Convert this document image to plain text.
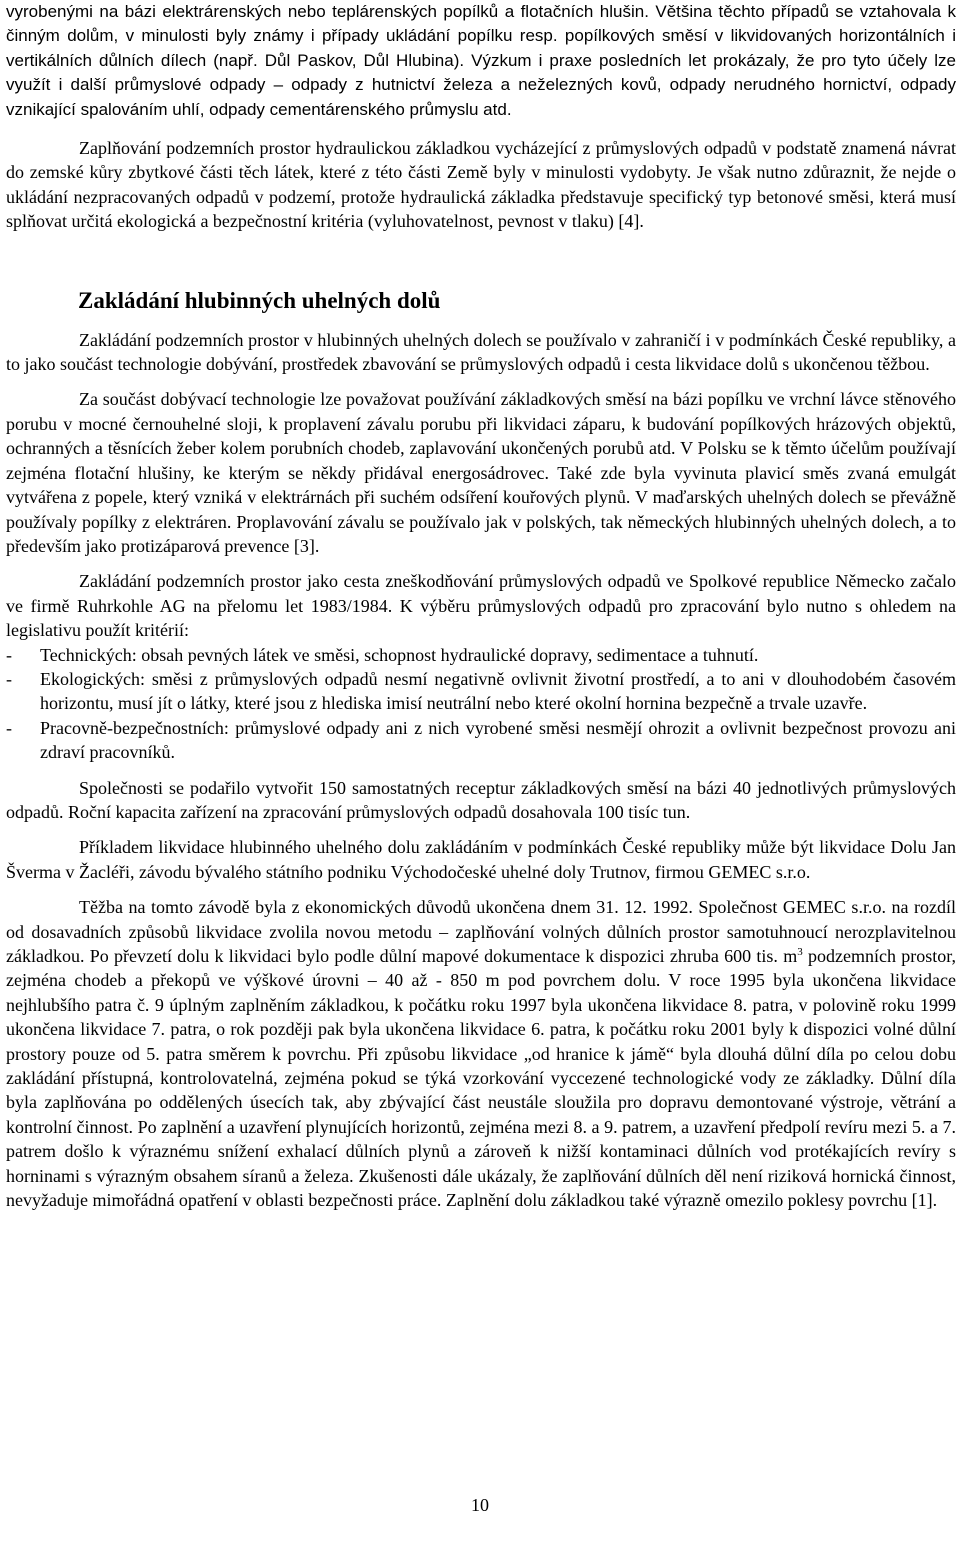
vyrobenými na bázi elektrárenských nebo teplárenských popílků a flotačních hlušin. Většina těchto případů se vztahovala k činným dolům, v minulosti byly známy i případy ukládání popílku resp. popílkových směsí v likvidovaných horizontálních i vertikálních důlních dílech (např. Důl Paskov, Důl Hlubina). Výzkum i praxe posledních let prokázaly, že pro tyto účely lze využít i další průmyslové odpady – odpady z hutnictví železa a neželezných kovů, odpady nerudného hornictví, odpady vznikající spalováním uhlí, odpady cementárenského průmyslu atd.

Zaplňování podzemních prostor hydraulickou základkou vycházející z průmyslových odpadů v podstatě znamená návrat do zemské kůry zbytkové části těch látek, které z této části Země byly v minulosti vydobyty. Je však nutno zdůraznit, že nejde o ukládání nezpracovaných odpadů v podzemí, protože hydraulická základka představuje specifický typ betonové směsi, která musí splňovat určitá ekologická a bezpečnostní kritéria (vyluhovatelnost, pevnost v tlaku) [4].

Zakládání hlubinných uhelných dolů

Zakládání podzemních prostor v hlubinných uhelných dolech se používalo v zahraničí i v podmínkách České republiky, a to jako součást technologie dobývání, prostředek zbavování se průmyslových odpadů i cesta likvidace dolů s ukončenou těžbou.

Za součást dobývací technologie lze považovat používání základkových směsí na bázi popílku ve vrchní lávce stěnového porubu v mocné černouhelné sloji, k proplavení závalu porubu při likvidaci záparu, k budování popílkových hrázových objektů, ochranných a těsnících žeber kolem porubních chodeb, zaplavování ukončených porubů atd. V Polsku se k těmto účelům používají zejména flotační hlušiny, ke kterým se někdy přidával energosádrovec. Také zde byla vyvinuta plavicí směs zvaná emulgát vytvářena z popele, který vzniká v elektrárnách při suchém odsíření kouřových plynů. V maďarských uhelných dolech se převážně používaly popílky z elektráren. Proplavování závalu se používalo jak v polských, tak německých hlubinných uhelných dolech, a to především jako protizáparová prevence [3].

Zakládání podzemních prostor jako cesta zneškodňování průmyslových odpadů ve Spolkové republice Německo začalo ve firmě Ruhrkohle AG na přelomu let 1983/1984. K výběru průmyslových odpadů pro zpracování bylo nutno s ohledem na legislativu použít kritérií:

- Technických: obsah pevných látek ve směsi, schopnost hydraulické dopravy, sedimentace a tuhnutí.
- Ekologických: směsi z průmyslových odpadů nesmí negativně ovlivnit životní prostředí, a to ani v dlouhodobém časovém horizontu, musí jít o látky, které jsou z hlediska imisí neutrální nebo které okolní hornina bezpečně a trvale uzavře.
- Pracovně-bezpečnostních: průmyslové odpady ani z nich vyrobené směsi nesmějí ohrozit a ovlivnit bezpečnost provozu ani zdraví pracovníků.

Společnosti se podařilo vytvořit 150 samostatných receptur základkových směsí na bázi 40 jednotlivých průmyslových odpadů. Roční kapacita zařízení na zpracování průmyslových odpadů dosahovala 100 tisíc tun.

Příkladem likvidace hlubinného uhelného dolu zakládáním v podmínkách České republiky může být likvidace Dolu Jan Šverma v Žacléři, závodu bývalého státního podniku Východočeské uhelné doly Trutnov, firmou GEMEC s.r.o.

Těžba na tomto závodě byla z ekonomických důvodů ukončena dnem 31. 12. 1992. Společnost GEMEC s.r.o. na rozdíl od dosavadních způsobů likvidace zvolila novou metodu – zaplňování volných důlních prostor samotuhnoucí nerozplavitelnou základkou. Po převzetí dolu k likvidaci bylo podle důlní mapové dokumentace k dispozici zhruba 600 tis. $m^3$ podzemních prostor, zejména chodeb a překopů ve výškové úrovni – 40 až - 850 m pod povrchem dolu. V roce 1995 byla ukončena likvidace nejhlubšího patra č. 9 úplným zaplněním základkou, k počátku roku 1997 byla ukončena likvidace 8. patra, v polovině roku 1999 ukončena likvidace 7. patra, o rok později pak byla ukončena likvidace 6. patra, k počátku roku 2001 byly k dispozici volné důlní prostory pouze od 5. patra směrem k povrchu. Při způsobu likvidace „od hranice k jámě“ byla dlouhá důlní díla po celou dobu zakládání přístupná, kontrolovatelná, zejména pokud se týká vzorkování vyccezené technologické vody ze základky. Důlní díla byla zaplňována po oddělených úsecích tak, aby zbývající část neustále sloužila pro dopravu demontované výstroje, větrání a kontrolní činnost. Po zaplnění a uzavření plynujících horizontů, zejména mezi 8. a 9. patrem, a uzavření předpolí revíru mezi 5. a 7. patrem došlo k výraznému snížení exhalací důlních plynů a zároveň k nižší kontaminaci důlních vod protékajících revíry s horninami s výrazným obsahem síranů a železa. Zkušenosti dále ukázaly, že zaplňování důlních děl není riziková hornická činnost, nevyžaduje mimořádná opatření v oblasti bezpečnosti práce. Zaplnění dolu základkou také výrazně omezilo poklesy povrchu [1].

10
